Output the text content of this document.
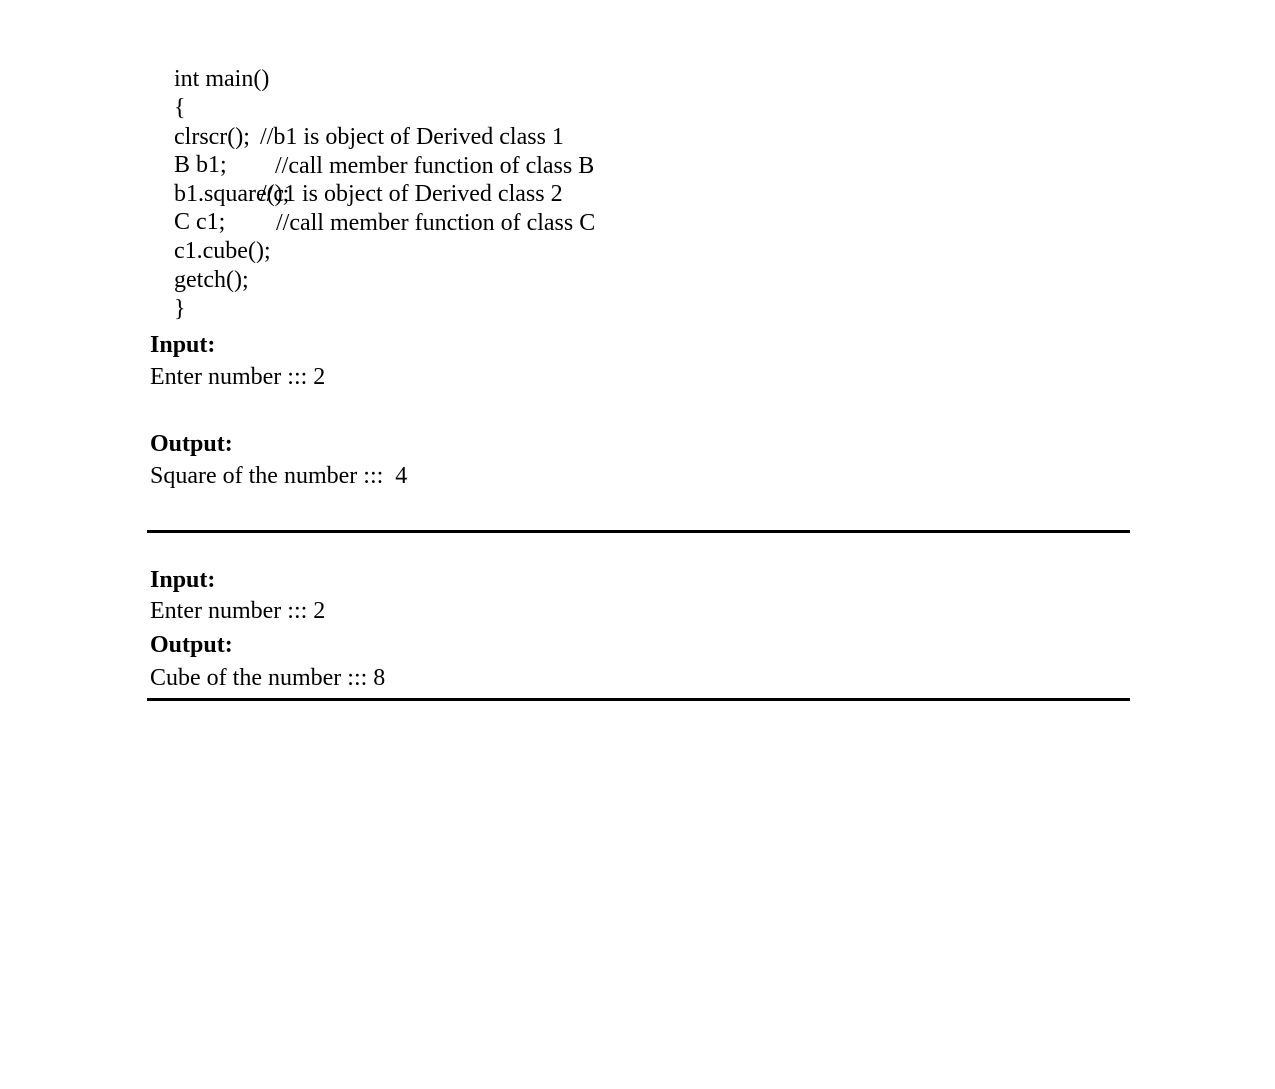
int main()

{

clrscr();

B b1;

//b1 is object of Derived class 1

b1.square();

//call member function of class B

C c1;

//c1 is object of Derived class 2

c1.cube();

//call member function of class C

getch();

}

Input:
Enter number ::: 2
Output:
Square of the number :::  4
Input:
Enter number ::: 2
Output:
Cube of the number ::: 8
